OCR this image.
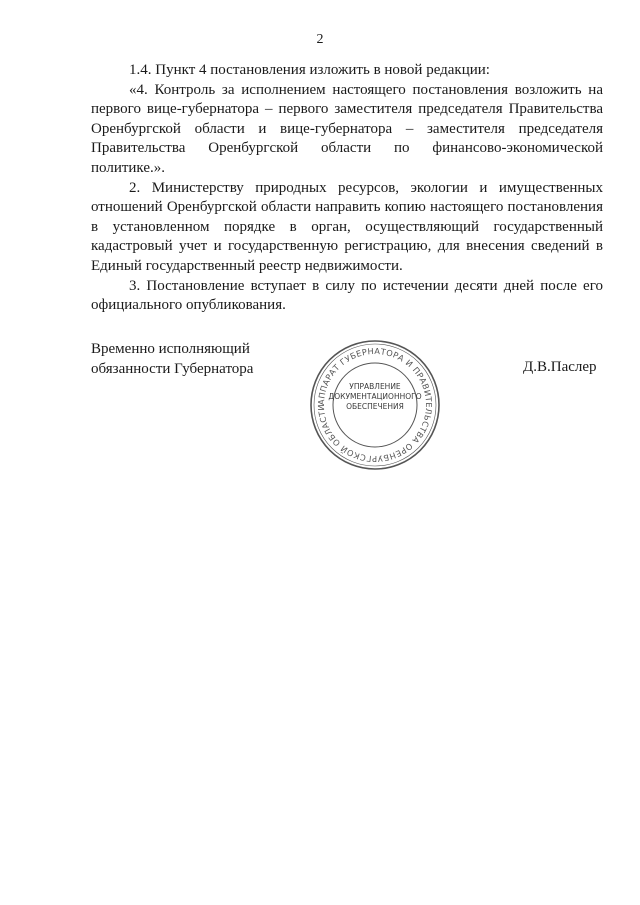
2

1.4. Пункт 4 постановления изложить в новой редакции:

«4. Контроль за исполнением настоящего постановления возложить на первого вице-губернатора – первого заместителя председателя Правительства Оренбургской области и вице-губернатора – заместителя председателя Правительства Оренбургской области по финансово-экономической политике.».

2. Министерству природных ресурсов, экологии и имущественных отношений Оренбургской области направить копию настоящего постановления в установленном порядке в орган, осуществляющий государственный кадастровый учет и государственную регистрацию, для внесения сведений в Единый государственный реестр недвижимости.

3. Постановление вступает в силу по истечении десяти дней после его официального опубликования.

Временно исполняющий
обязанности Губернатора	Д.В.Паслер
АППАРАТ ГУБЕРНАТОРА И ПРАВИТЕЛЬСТВА ОРЕНБУРГСКОЙ ОБЛАСТИ
УПРАВЛЕНИЕ
ДОКУМЕНТАЦИОННОГО
ОБЕСПЕЧЕНИЯ
